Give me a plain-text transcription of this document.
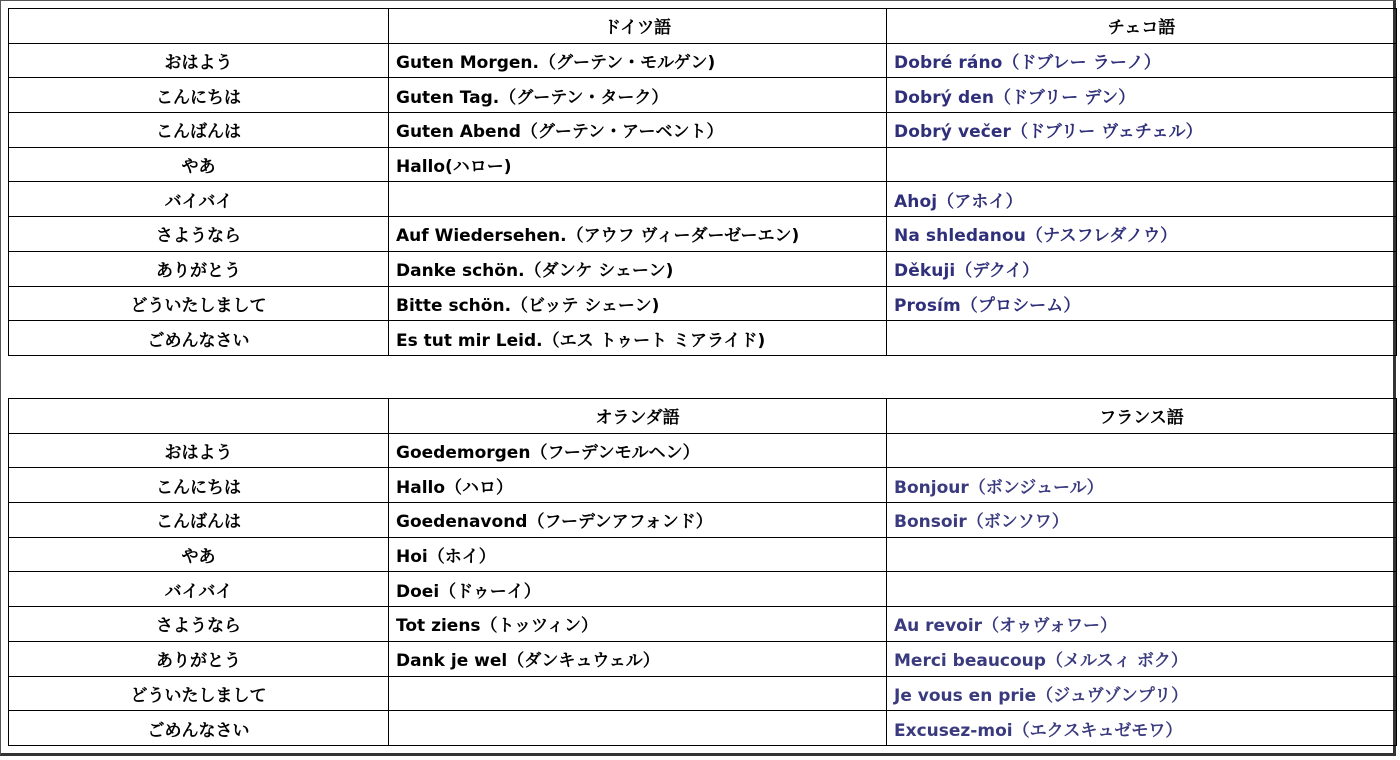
	ドイツ語	チェコ語
おはよう	Guten Morgen.（グーテン・モルゲン)	Dobré ráno（ドブレー ラーノ）
こんにちは	Guten Tag.（グーテン・ターク）	Dobrý den（ドブリー デン）
こんばんは	Guten Abend（グーテン・アーベント）	Dobrý večer（ドブリー ヴェチェル）
やあ	Hallo(ハロー)	
バイバイ		Ahoj（アホイ）
さようなら	Auf Wiedersehen.（アウフ ヴィーダーゼーエン)	Na shledanou（ナスフレダノウ）
ありがとう	Danke schön.（ダンケ シェーン)	Děkuji（デクイ）
どういたしまして	Bitte schön.（ビッテ シェーン)	Prosím（プロシーム）
ごめんなさい	Es tut mir Leid.（エス トゥート ミアライド)	
	オランダ語	フランス語
おはよう	Goedemorgen（フーデンモルヘン）	
こんにちは	Hallo（ハロ）	Bonjour（ボンジュール）
こんばんは	Goedenavond（フーデンアフォンド）	Bonsoir（ボンソワ）
やあ	Hoi（ホイ）	
バイバイ	Doei（ドゥーイ）	
さようなら	Tot ziens（トッツィン）	Au revoir（オゥヴォワー）
ありがとう	Dank je wel（ダンキュウェル）	Merci beaucoup（メルスィ ボク）
どういたしまして		Je vous en prie（ジュヴゾンプリ）
ごめんなさい		Excusez-moi（エクスキュゼモワ）
